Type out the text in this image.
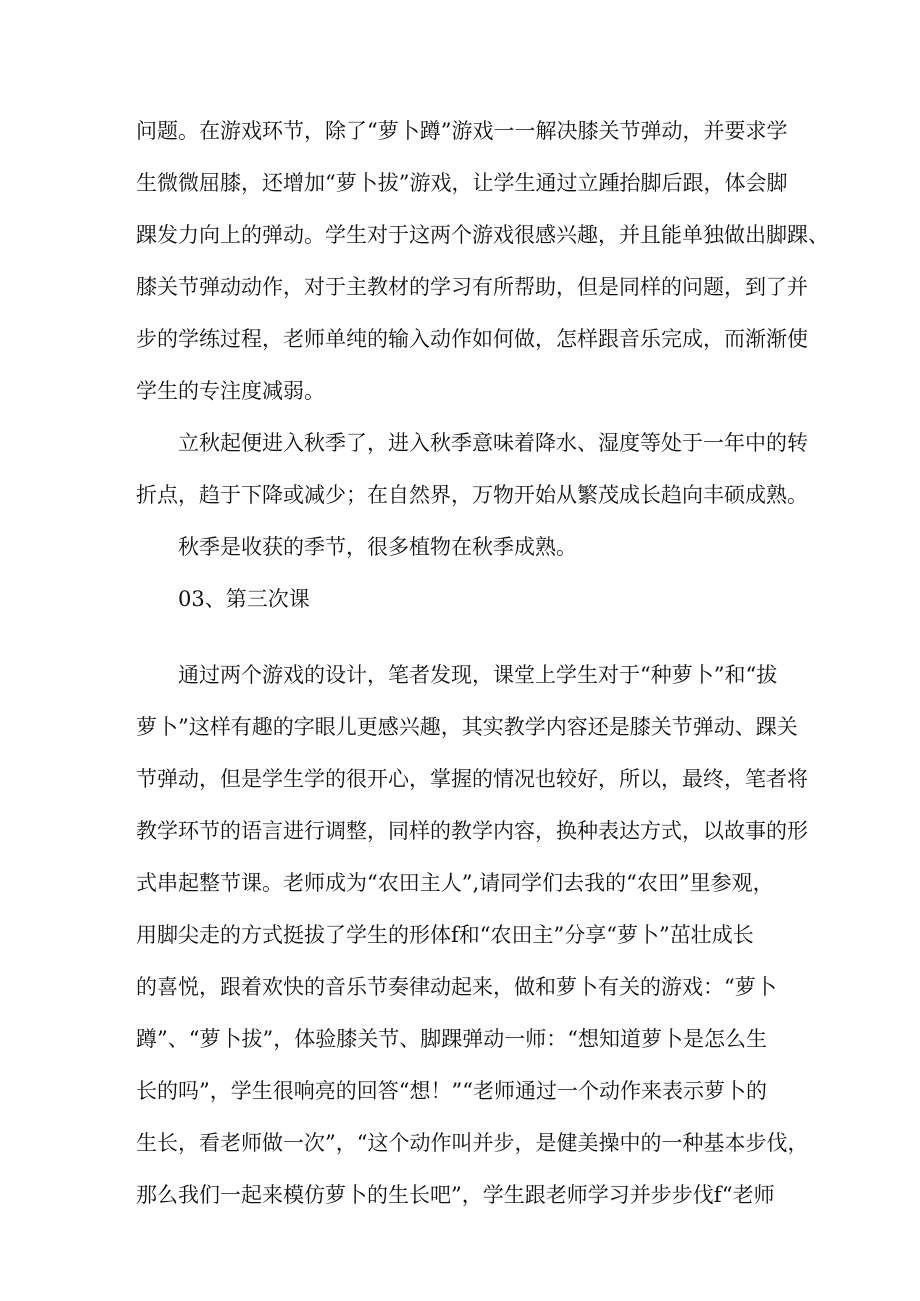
问题。在游戏环节，除了“萝卜蹲”游戏一一解决膝关节弹动，并要求学

生微微屈膝，还增加“萝卜拔”游戏，让学生通过立踵抬脚后跟，体会脚

踝发力向上的弹动。学生对于这两个游戏很感兴趣，并且能单独做出脚踝、

膝关节弹动动作，对于主教材的学习有所帮助，但是同样的问题，到了并

步的学练过程，老师单纯的输入动作如何做，怎样跟音乐完成，而渐渐使

学生的专注度减弱。

立秋起便进入秋季了，进入秋季意味着降水、湿度等处于一年中的转

折点，趋于下降或减少；在自然界，万物开始从繁茂成长趋向丰硕成熟。

秋季是收获的季节，很多植物在秋季成熟。

03、第三次课

通过两个游戏的设计，笔者发现，课堂上学生对于“种萝卜”和“拔

萝卜”这样有趣的字眼儿更感兴趣，其实教学内容还是膝关节弹动、踝关

节弹动，但是学生学的很开心，掌握的情况也较好，所以，最终，笔者将

教学环节的语言进行调整，同样的教学内容，换种表达方式，以故事的形

式串起整节课。老师成为“农田主人”,请同学们去我的“农田”里参观，

用脚尖走的方式挺拔了学生的形体f和“农田主”分享“萝卜”茁壮成长

的喜悦，跟着欢快的音乐节奏律动起来，做和萝卜有关的游戏：“萝卜

蹲”、“萝卜拔”，体验膝关节、脚踝弹动一师：“想知道萝卜是怎么生

长的吗”，学生很响亮的回答“想！”“老师通过一个动作来表示萝卜的

生长，看老师做一次”，“这个动作叫并步，是健美操中的一种基本步伐，

那么我们一起来模仿萝卜的生长吧”，学生跟老师学习并步步伐f“老师
